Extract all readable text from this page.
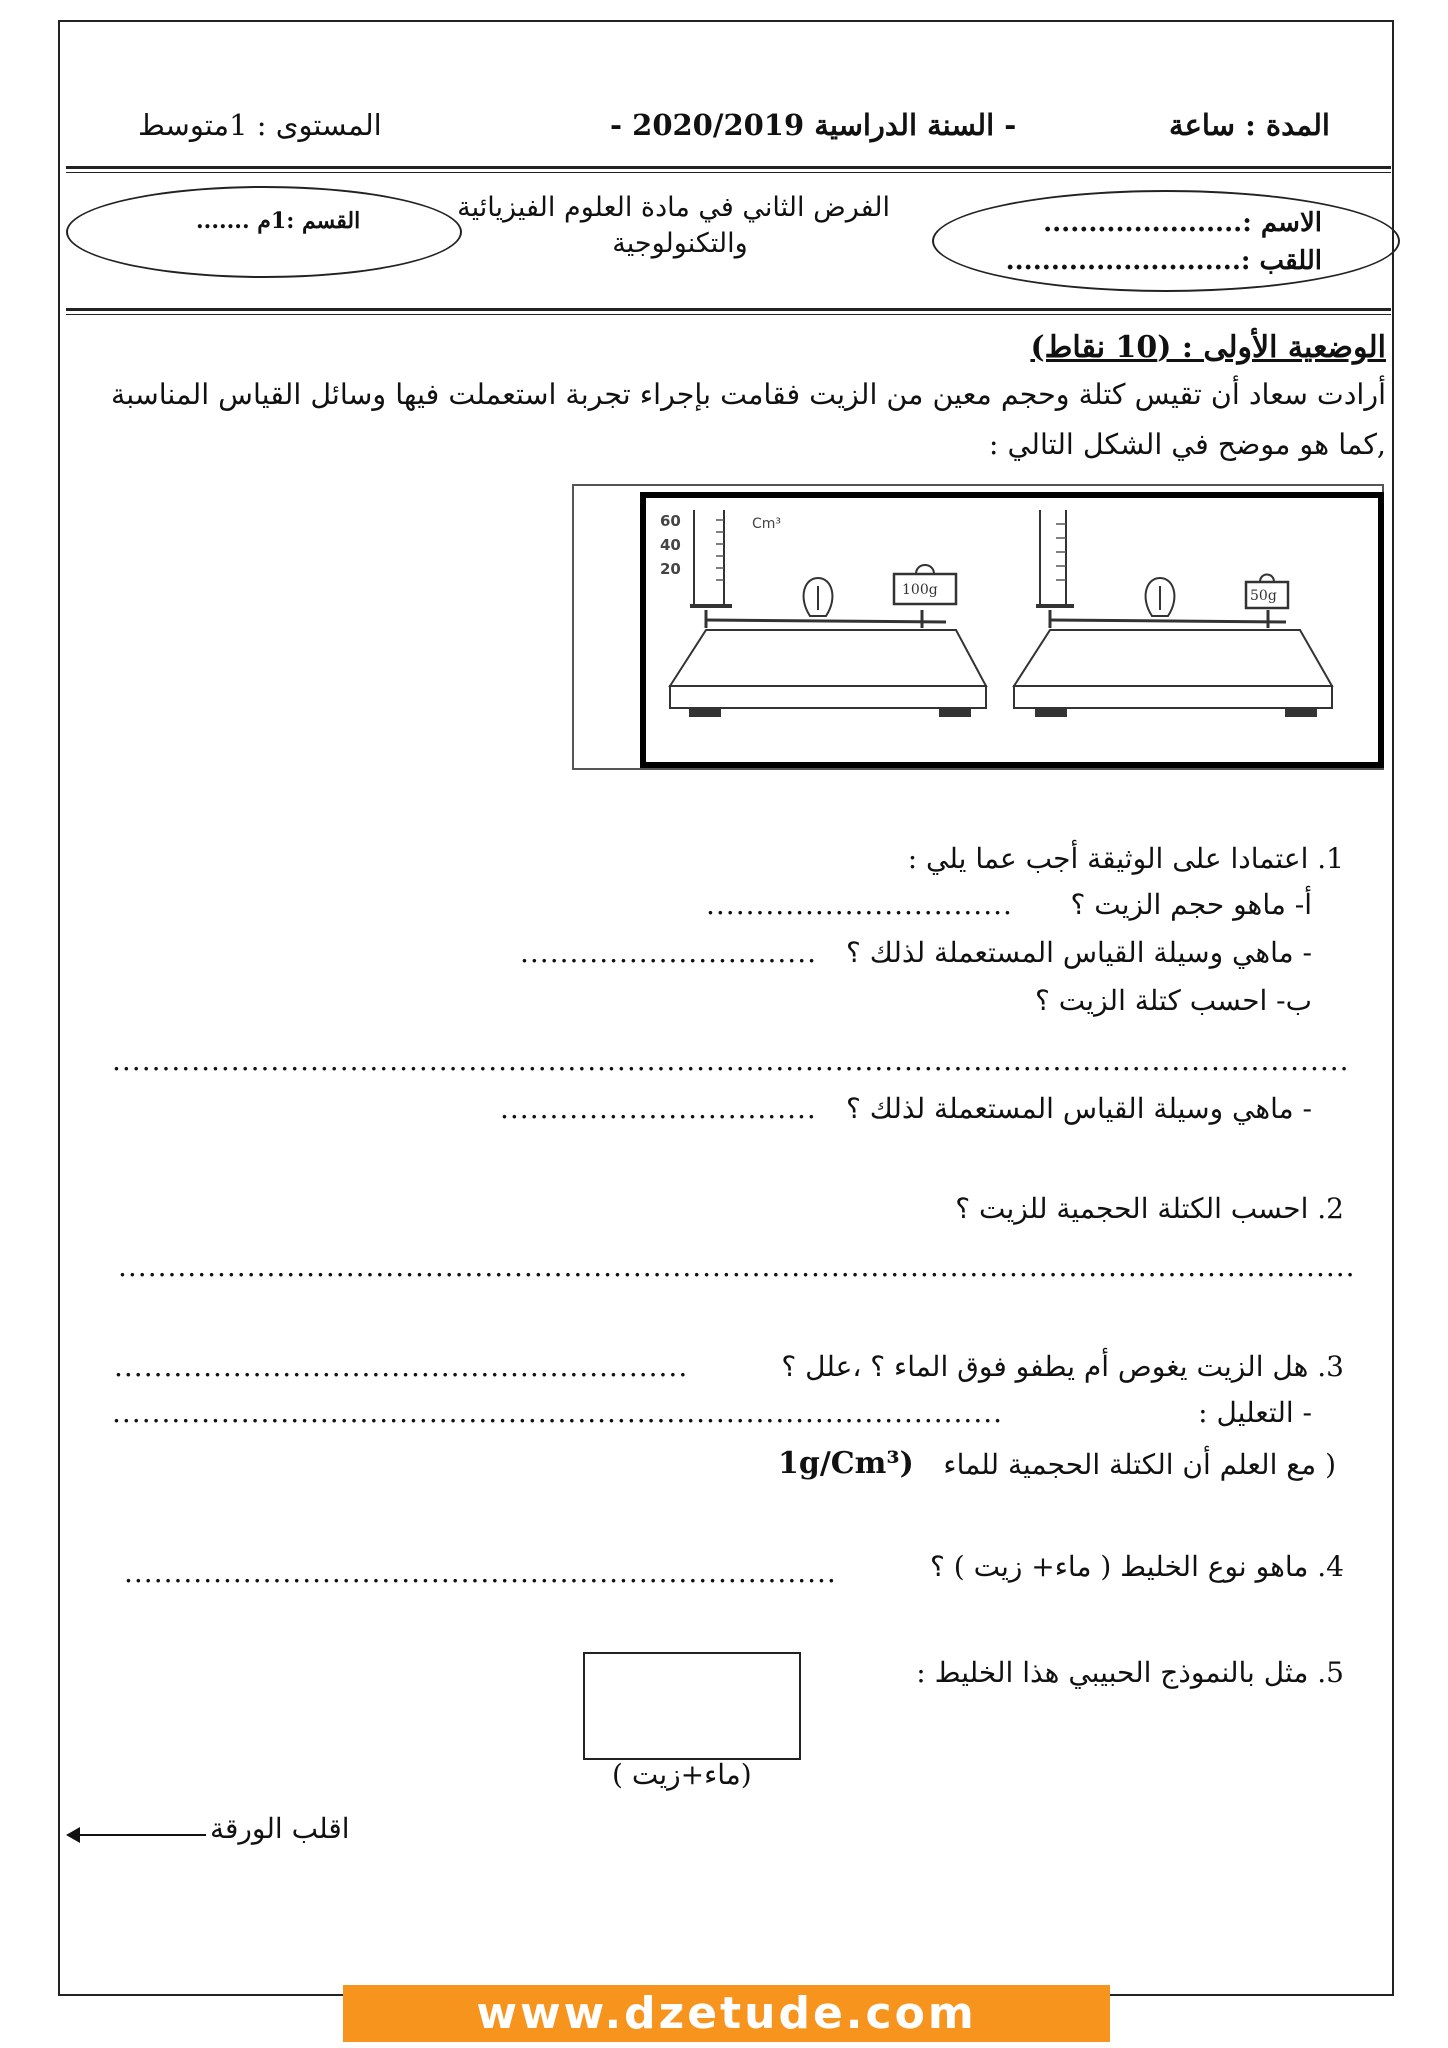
المدة : ساعة
- السنة الدراسية 2020/2019 -
المستوى : 1متوسط
الاسم :......................
اللقب :..........................
الفرض الثاني في مادة العلوم الفيزيائية
والتكنولوجية
القسم :1م .......
الوضعية الأولى : (10 نقاط)
أرادت سعاد أن تقيس كتلة وحجم معين من الزيت فقامت بإجراء تجربة استعملت فيها وسائل القياس المناسبة
,كما هو موضح في الشكل التالي :
60
40
20
Cm³
100g	50g
1. اعتمادا على الوثيقة أجب عما يلي :
أ- ماهو حجم الزيت ؟
...............................
- ماهي وسيلة القياس المستعملة لذلك ؟
..............................
ب- احسب كتلة الزيت ؟
.............................................................................................................................
- ماهي وسيلة القياس المستعملة لذلك ؟
................................
2. احسب الكتلة الحجمية للزيت ؟
.............................................................................................................................
3. هل الزيت يغوص أم يطفو فوق الماء ؟ ،علل ؟
..........................................................
- التعليل :
..........................................................................................
( مع العلم أن الكتلة الحجمية للماء
1g/Cm³)
4. ماهو نوع الخليط ( ماء+ زيت ) ؟
........................................................................
5. مثل بالنموذج الحبيبي هذا الخليط :
(ماء+زيت )
اقلب الورقة
www.dzetude.com
